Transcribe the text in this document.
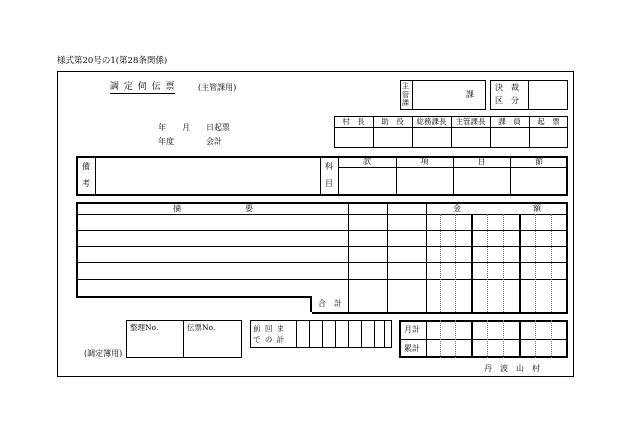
様式第20号の1(第28条関係)
調 定 伺 伝 票	(主管課用)	主
管
課
課
決　裁
区　分
年　　月　　日起票
年度　　　　会計
村　長	助　役	総務課長	主管課長	課　員	起　票
備
考
科
目
款	項	目	節
摘　　　　　　　　要	金　　　　　　　　　額
合　計
整理No.	伝票No.	前 回 ま で の 計
月計
累計
(調定簿用)
丹　波　山　村
